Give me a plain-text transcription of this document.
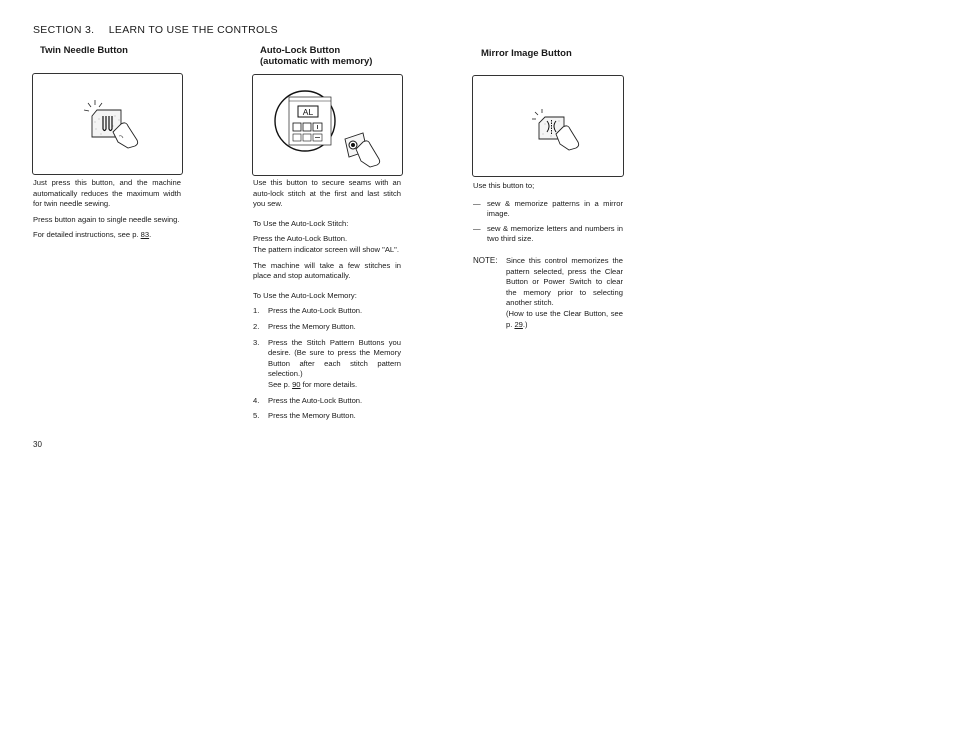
SECTION 3. LEARN TO USE THE CONTROLS
Twin Needle Button

Just press this button, and the machine automatically reduces the maximum width for twin needle sewing.

Press button again to single needle sewing.

For detailed instructions, see p. 83.

Auto-Lock Button
(automatic with memory)
AL

Use this button to secure seams with an auto-lock stitch at the first and last stitch you sew.

To Use the Auto-Lock Stitch:

Press the Auto-Lock Button.

The pattern indicator screen will show "AL".

The machine will take a few stitches in place and stop automatically.

To Use the Auto-Lock Memory:

1.	Press the Auto-Lock Button.
2.	Press the Memory Button.
3.	Press the Stitch Pattern Buttons you desire. (Be sure to press the Memory Button after each stitch pattern selection.)
See p. 90 for more details.
4.	Press the Auto-Lock Button.
5.	Press the Memory Button.
Mirror Image Button

Use this button to;

— sew & memorize patterns in a mirror image.
— sew & memorize letters and numbers in two third size.
NOTE:	Since this control memorizes the pattern selected, press the Clear Button or Power Switch to clear the memory prior to selecting another stitch.
(How to use the Clear Button, see p. 29.)
30
